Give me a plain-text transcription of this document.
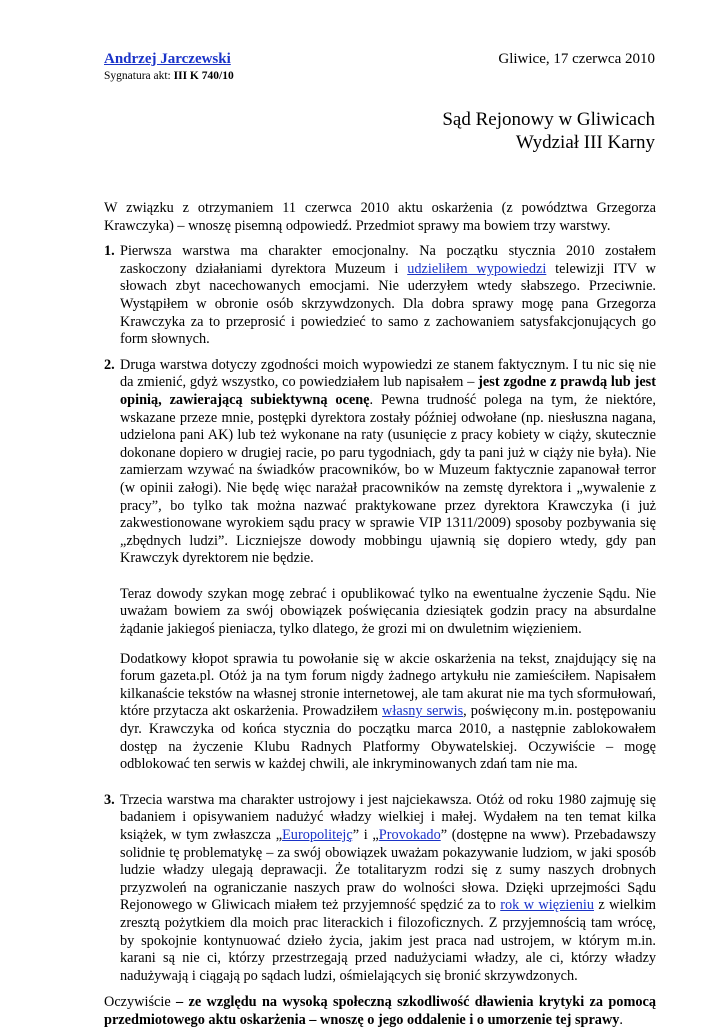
Andrzej Jarczewski
Sygnatura akt: III K 740/10
Gliwice, 17 czerwca 2010
Sąd Rejonowy w Gliwicach
Wydział III Karny

W związku z otrzymaniem 11 czerwca 2010 aktu oskarżenia (z powództwa Grzegorza Krawczyka) – wnoszę pisemną odpowiedź. Przedmiot sprawy ma bowiem trzy warstwy.

1. Pierwsza warstwa ma charakter emocjonalny. Na początku stycznia 2010 zostałem zaskoczony działaniami dyrektora Muzeum i udzieliłem wypowiedzi telewizji ITV w słowach zbyt nacechowanych emocjami. Nie uderzyłem wtedy słabszego. Przeciwnie. Wystąpiłem w obronie osób skrzywdzonych. Dla dobra sprawy mogę pana Grzegorza Krawczyka za to przeprosić i powiedzieć to samo z zachowaniem satysfakcjonujących go form słownych.

2. Druga warstwa dotyczy zgodności moich wypowiedzi ze stanem faktycznym. I tu nic się nie da zmienić, gdyż wszystko, co powiedziałem lub napisałem – jest zgodne z prawdą lub jest opinią, zawierającą subiektywną ocenę. Pewna trudność polega na tym, że niektóre, wskazane przeze mnie, postępki dyrektora zostały później odwołane (np. niesłuszna nagana, udzielona pani AK) lub też wykonane na raty (usunięcie z pracy kobiety w ciąży, skutecznie dokonane dopiero w drugiej racie, po paru tygodniach, gdy ta pani już w ciąży nie była). Nie zamierzam wzywać na świadków pracowników, bo w Muzeum faktycznie zapanował terror (w opinii załogi). Nie będę więc narażał pracowników na zemstę dyrektora i „wywalenie z pracy”, bo tylko tak można nazwać praktykowane przez dyrektora Krawczyka (i już zakwestionowane wyrokiem sądu pracy w sprawie VIP 1311/2009) sposoby pozbywania się „zbędnych ludzi”. Liczniejsze dowody mobbingu ujawnią się dopiero wtedy, gdy pan Krawczyk dyrektorem nie będzie.

Teraz dowody szykan mogę zebrać i opublikować tylko na ewentualne życzenie Sądu. Nie uważam bowiem za swój obowiązek poświęcania dziesiątek godzin pracy na absurdalne żądanie jakiegoś pieniacza, tylko dlatego, że grozi mi on dwuletnim więzieniem.

Dodatkowy kłopot sprawia tu powołanie się w akcie oskarżenia na tekst, znajdujący się na forum gazeta.pl. Otóż ja na tym forum nigdy żadnego artykułu nie zamieściłem. Napisałem kilkanaście tekstów na własnej stronie internetowej, ale tam akurat nie ma tych sformułowań, które przytacza akt oskarżenia. Prowadziłem własny serwis, poświęcony m.in. postępowaniu dyr. Krawczyka od końca stycznia do początku marca 2010, a następnie zablokowałem dostęp na życzenie Klubu Radnych Platformy Obywatelskiej. Oczywiście – mogę odblokować ten serwis w każdej chwili, ale inkryminowanych zdań tam nie ma.

3. Trzecia warstwa ma charakter ustrojowy i jest najciekawsza. Otóż od roku 1980 zajmuję się badaniem i opisywaniem nadużyć władzy wielkiej i małej. Wydałem na ten temat kilka książek, w tym zwłaszcza „Europolitejç” i „Provokado” (dostępne na www). Przebadawszy solidnie tę problematykę – za swój obowiązek uważam pokazywanie ludziom, w jaki sposób ludzie władzy ulegają deprawacji. Że totalitaryzm rodzi się z sumy naszych drobnych przyzwoleń na ograniczanie naszych praw do wolności słowa. Dzięki uprzejmości Sądu Rejonowego w Gliwicach miałem też przyjemność spędzić za to rok w więzieniu z wielkim zresztą pożytkiem dla moich prac literackich i filozoficznych. Z przyjemnością tam wrócę, by spokojnie kontynuować dzieło życia, jakim jest praca nad ustrojem, w którym m.in. karani są nie ci, którzy przestrzegają przed nadużyciami władzy, ale ci, którzy władzy nadużywają i ciągają po sądach ludzi, ośmielających się bronić skrzywdzonych.

Oczywiście – ze względu na wysoką społeczną szkodliwość dławienia krytyki za pomocą przedmiotowego aktu oskarżenia – wnoszę o jego oddalenie i o umorzenie tej sprawy.
